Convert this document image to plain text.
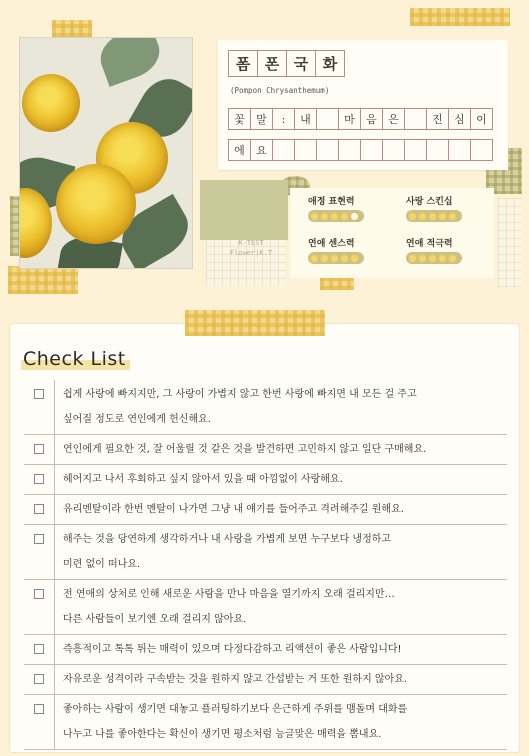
K-TEST
Flower|K.T
폼 폰 국 화
(Pompon Chrysanthemum)
꽃	말	:	내	마	음	은	진	심	이
에	요
애정 표현력	사랑 스킨십
연애 센스력	연애 적극력
Check List
쉽게 사랑에 빠지지만, 그 사랑이 가볍지 않고 한번 사랑에 빠지면 내 모든 걸 주고
싶어질 정도로 연인에게 헌신해요.
연인에게 필요한 것, 잘 어울릴 것 같은 것을 발견하면 고민하지 않고 일단 구매해요.
헤어지고 나서 후회하고 싶지 않아서 있을 때 아낌없이 사랑해요.
유리멘탈이라 한번 멘탈이 나가면 그냥 내 얘기를 들어주고 격려해주길 원해요.
해주는 것을 당연하게 생각하거나 내 사랑을 가볍게 보면 누구보다 냉정하고
미련 없이 떠나요.
전 연애의 상처로 인해 새로운 사람을 만나 마음을 열기까지 오래 걸리지만…
다른 사람들이 보기엔 오래 걸리지 않아요.
즉흥적이고 톡톡 튀는 매력이 있으며 다정다감하고 리액션이 좋은 사람입니다!
자유로운 성격이라 구속받는 것을 원하지 않고 간섭받는 거 또한 원하지 않아요.
좋아하는 사람이 생기면 대놓고 플러팅하기보다 은근하게 주위를 맴돌며 대화를
나누고 나를 좋아한다는 확신이 생기면 평소처럼 능글맞은 매력을 뽐내요.
